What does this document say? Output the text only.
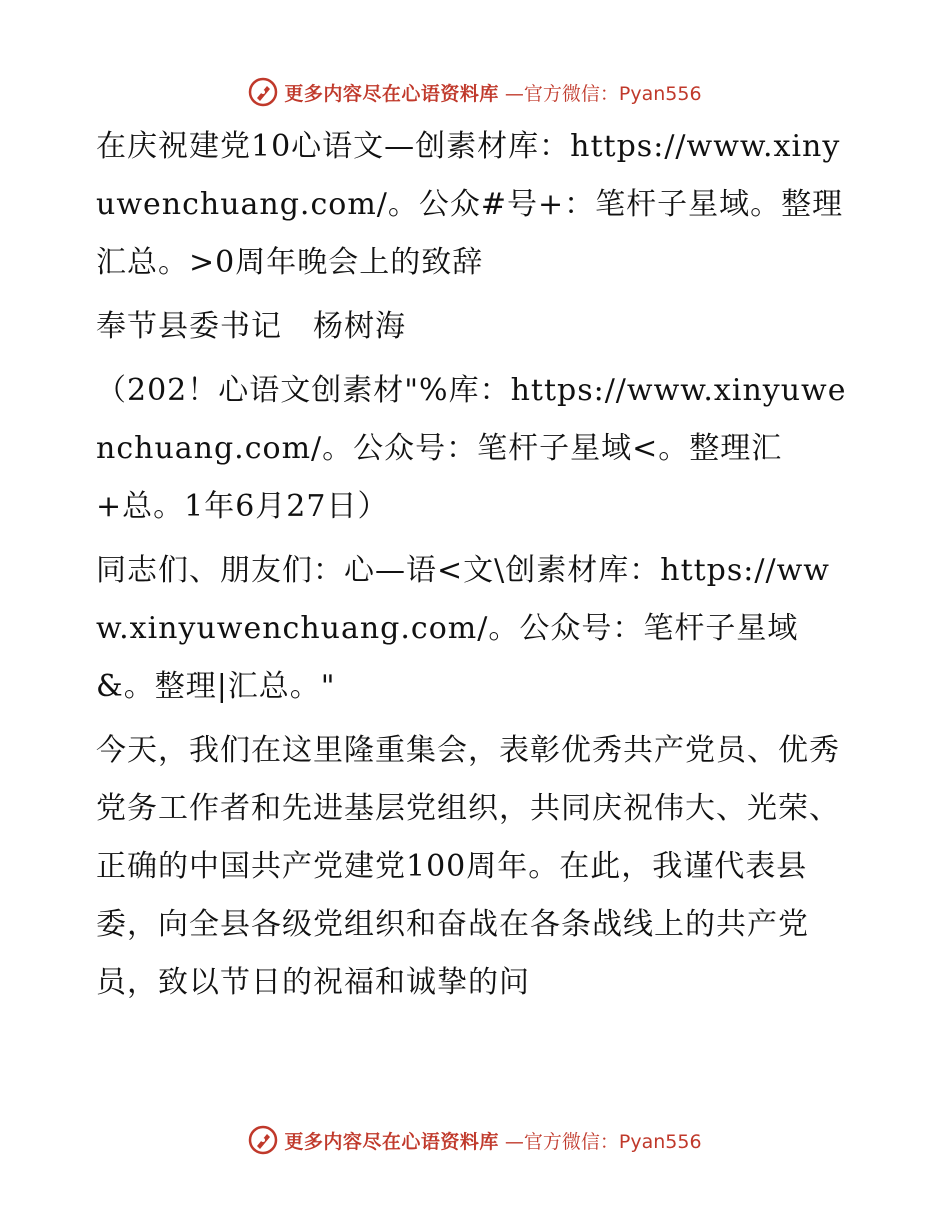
更多内容尽在心语资料库 —官方微信：Pyan556

在庆祝建党10心语文—创素材库：https://www.xinyuwenchuang.com/。公众#号+：笔杆子星域。整理汇总。>0周年晚会上的致辞

奉节县委书记　杨树海

（202！心语文创素材"%库：https://www.xinyuwenchuang.com/。公众号：笔杆子星域<。整理汇+总。1年6月27日）

同志们、朋友们：心—语<文\创素材库：https://www.xinyuwenchuang.com/。公众号：笔杆子星域&。整理|汇总。"

今天，我们在这里隆重集会，表彰优秀共产党员、优秀党务工作者和先进基层党组织，共同庆祝伟大、光荣、正确的中国共产党建党100周年。在此，我谨代表县委，向全县各级党组织和奋战在各条战线上的共产党员，致以节日的祝福和诚挚的问

更多内容尽在心语资料库 —官方微信：Pyan556
